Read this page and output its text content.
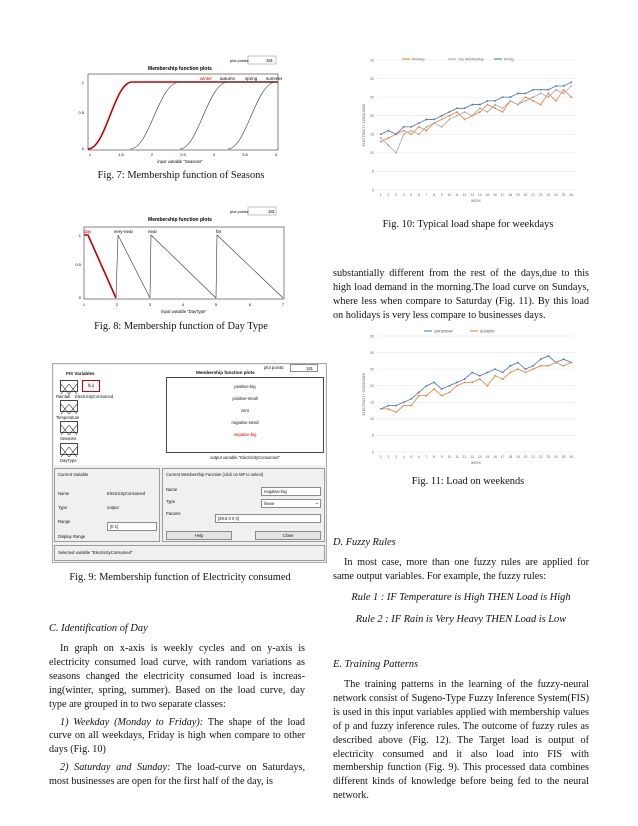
plot points:	181
Membership function plots
winter autumn spring summer
1
0.5
0
1	1.5	2	2.5	3	3.5	4
input variable "Seasons"
Fig. 7: Membership function of Seasons
plot points:	181
Membership function plots
day	very-near	near	far
1
0.5
0
1	2	3	4	5	6	7
input variable "DayType"
Fig. 8: Membership function of Day Type
FIS Variables
Rainfall
Temperature
Seasons
DayType
f(u)
ElectricityConsumed
Membership function plots
plot points:	181
positive-big
positive-small
zero
negative-small
negative-big
output variable "ElectricityConsumed"
Current Variable
Name	ElectricityConsumed
Type	output
Range
[0 1]
Display Range
Current Membership Function (click on MF to select)
Name	negative-big
Type	linear	⌄
Params
[29.6 0 0 0]
Help	Close
Selected variable "ElectricityConsumed"
Fig. 9: Membership function of Electricity consumed
Monday	Tue Wednesday	Friday
0
5
10
15
20
25
30
35
1 2 3 4 5 6 7 8 9 10 11 12 13 14 15 16 17 18 19 20 21 22 23 24 25 26
ELECTRICITY CONSUMED
WEEK
Fig. 10: Typical load shape for weekdays
SATURDAY	SUNDAY
0
5
10
15
20
25
30
35
1 2 3 4 5 6 7 8 9 10 11 12 13 14 15 16 17 18 19 20 21 22 23 24 25 26
ELECTRICITY CONSUMED
WEEK
Fig. 11: Load on weekends
C. Identification of Day

In graph on x-axis is weekly cycles and on y-axis is electricity consumed load curve, with random variations as seasons changed the electricity consumed load is increas-ing(winter, spring, summer). Based on the load curve, day type are grouped in to two separate classes:

1) Weekday (Monday to Friday): The shape of the load curve on all weekdays, Friday is high when compare to other days (Fig. 10)

2) Saturday and Sunday: The load-curve on Saturdays, most businesses are open for the first half of the day, is

substantially different from the rest of the days,due to this high load demand in the morning.The load curve on Sundays, where less when compare to Saturday (Fig. 11). By this load on holidays is very less compare to businesses days.
D. Fuzzy Rules
In most case, more than one fuzzy rules are applied for same output variables. For example, the fuzzy rules:
Rule 1 : IF Temperature is High THEN Load is High
Rule 2 : IF Rain is Very Heavy THEN Load is Low
E. Training Patterns
The training patterns in the learning of the fuzzy-neural network consist of Sugeno-Type Fuzzy Inference System(FIS) is used in this input variables applied with membership values of p and fuzzy inference rules. The outcome of fuzzy rules as described above (Fig. 12). The Target load is output of electricity consumed and it also load into FIS with membership function (Fig. 9). This processed data combines different kinds of knowledge before being fed to the neural network.
